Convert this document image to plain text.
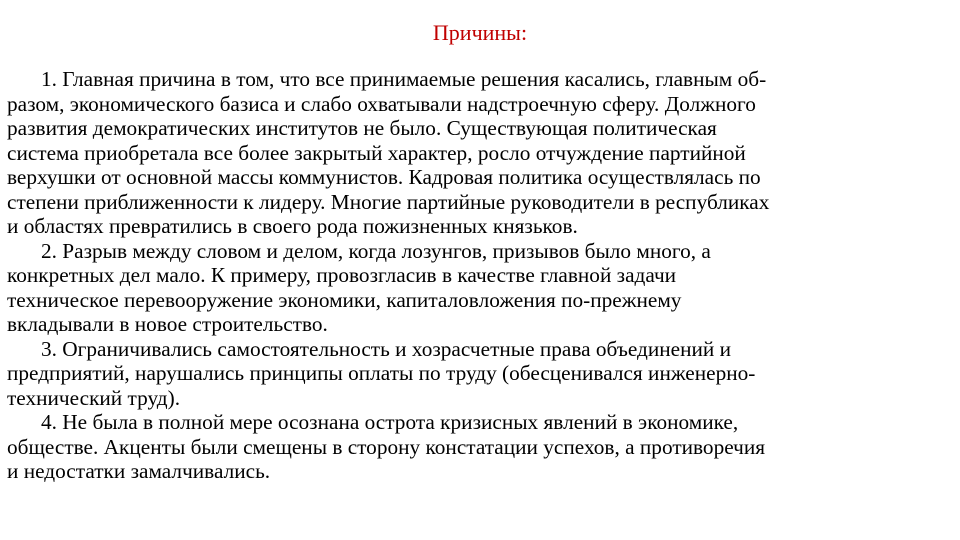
Причины:

1. Главная причина в том, что все принимаемые решения касались, главным об-
разом, экономического базиса и слабо охватывали надстроечную сферу. Должного
развития демократических институтов не было. Существующая политическая
система приобретала все более закрытый характер, росло отчуждение партийной
верхушки от основной массы коммунистов. Кадровая политика осуществлялась по
степени приближенности к лидеру. Многие партийные руководители в республиках
и областях превратились в своего рода пожизненных князьков.

2. Разрыв между словом и делом, когда лозунгов, призывов было много, а
конкретных дел мало. К примеру, провозгласив в качестве главной задачи
техническое перевооружение экономики, капиталовложения по-прежнему
вкладывали в новое строительство.

3. Ограничивались самостоятельность и хозрасчетные права объединений и
предприятий, нарушались принципы оплаты по труду (обесценивался инженерно-
технический труд).

4. Не была в полной мере осознана острота кризисных явлений в экономике,
обществе. Акценты были смещены в сторону констатации успехов, а противоречия
и недостатки замалчивались.
